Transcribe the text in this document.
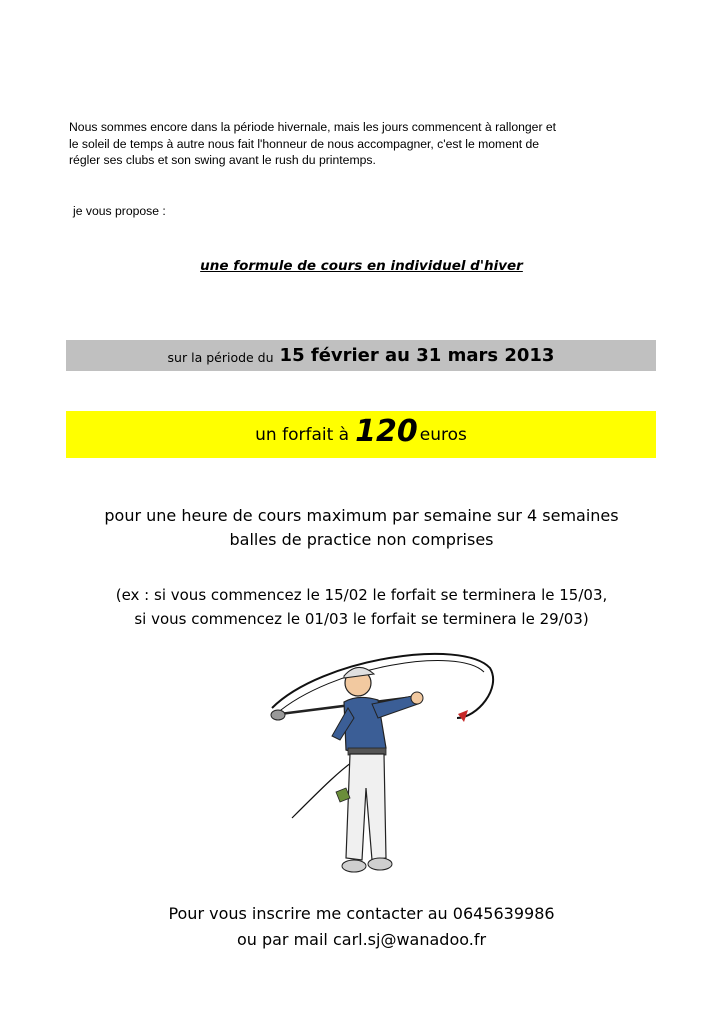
Nous sommes encore dans la période hivernale, mais les jours commencent à rallonger et
le soleil de temps à autre nous fait l'honneur de nous accompagner, c'est le moment de
régler ses clubs et son swing avant le rush du printemps.
je vous propose :
une formule de cours en individuel d'hiver
sur la période du 15 février au 31 mars 2013
un forfait à 120 euros
pour une heure de cours maximum par semaine sur 4 semaines
balles de practice non comprises
(ex : si vous commencez le 15/02 le forfait se terminera le 15/03,
si vous commencez le 01/03 le forfait se terminera le 29/03)
Pour vous inscrire me contacter au 0645639986
ou par mail carl.sj@wanadoo.fr
